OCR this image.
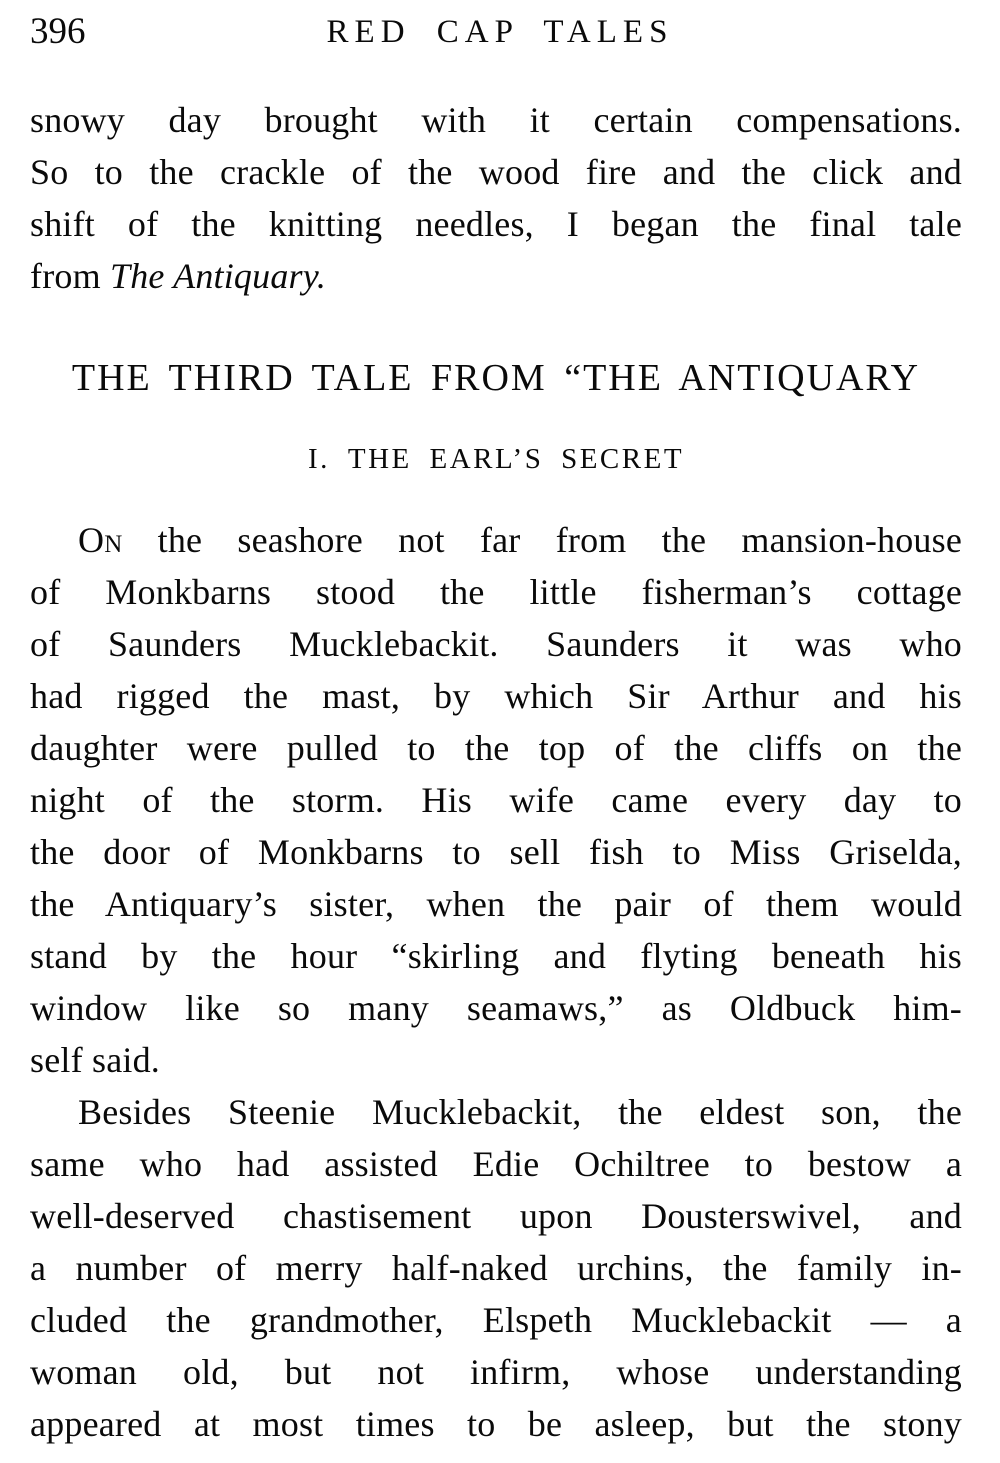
396	RED CAP TALES
snowy day brought with it certain compensations.
So to the crackle of the wood fire and the click and
shift of the knitting needles, I began the final tale
from The Antiquary.
THE THIRD TALE FROM “THE ANTIQUARY
I. THE EARL’S SECRET
On the seashore not far from the mansion-house
of Monkbarns stood the little fisherman’s cottage
of Saunders Mucklebackit. Saunders it was who
had rigged the mast, by which Sir Arthur and his
daughter were pulled to the top of the cliffs on the
night of the storm. His wife came every day to
the door of Monkbarns to sell fish to Miss Griselda,
the Antiquary’s sister, when the pair of them would
stand by the hour “skirling and flyting beneath his
window like so many seamaws,” as Oldbuck him-
self said.
Besides Steenie Mucklebackit, the eldest son, the
same who had assisted Edie Ochiltree to bestow a
well-deserved chastisement upon Dousterswivel, and
a number of merry half-naked urchins, the family in-
cluded the grandmother, Elspeth Mucklebackit — a
woman old, but not infirm, whose understanding
appeared at most times to be asleep, but the stony
